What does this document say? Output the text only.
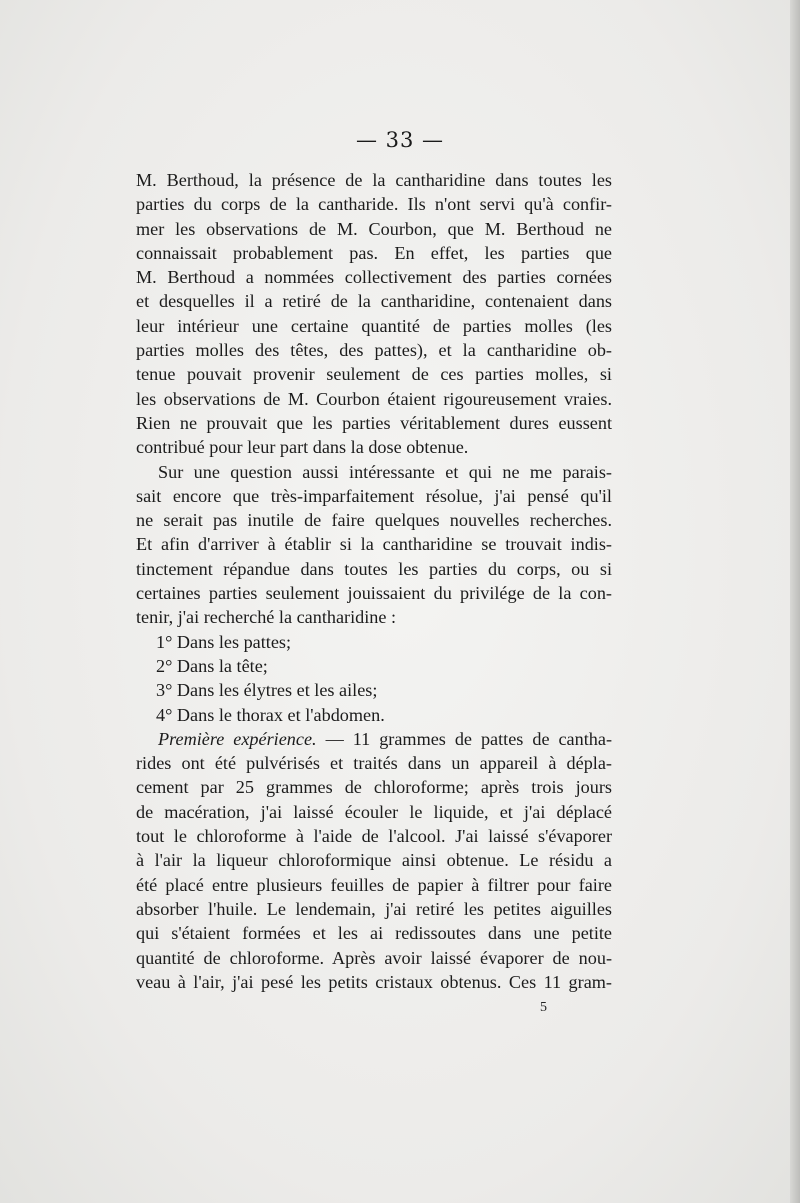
— 33 —
M. Berthoud, la présence de la cantharidine dans toutes les
parties du corps de la cantharide. Ils n'ont servi qu'à confir-
mer les observations de M. Courbon, que M. Berthoud ne
connaissait probablement pas. En effet, les parties que
M. Berthoud a nommées collectivement des parties cornées
et desquelles il a retiré de la cantharidine, contenaient dans
leur intérieur une certaine quantité de parties molles (les
parties molles des têtes, des pattes), et la cantharidine ob-
tenue pouvait provenir seulement de ces parties molles, si
les observations de M. Courbon étaient rigoureusement vraies.
Rien ne prouvait que les parties véritablement dures eussent
contribué pour leur part dans la dose obtenue.
Sur une question aussi intéressante et qui ne me parais-
sait encore que très-imparfaitement résolue, j'ai pensé qu'il
ne serait pas inutile de faire quelques nouvelles recherches.
Et afin d'arriver à établir si la cantharidine se trouvait indis-
tinctement répandue dans toutes les parties du corps, ou si
certaines parties seulement jouissaient du privilége de la con-
tenir, j'ai recherché la cantharidine :
1° Dans les pattes;
2° Dans la tête;
3° Dans les élytres et les ailes;
4° Dans le thorax et l'abdomen.
Première expérience. — 11 grammes de pattes de cantha-
rides ont été pulvérisés et traités dans un appareil à dépla-
cement par 25 grammes de chloroforme; après trois jours
de macération, j'ai laissé écouler le liquide, et j'ai déplacé
tout le chloroforme à l'aide de l'alcool. J'ai laissé s'évaporer
à l'air la liqueur chloroformique ainsi obtenue. Le résidu a
été placé entre plusieurs feuilles de papier à filtrer pour faire
absorber l'huile. Le lendemain, j'ai retiré les petites aiguilles
qui s'étaient formées et les ai redissoutes dans une petite
quantité de chloroforme. Après avoir laissé évaporer de nou-
veau à l'air, j'ai pesé les petits cristaux obtenus. Ces 11 gram-
5
